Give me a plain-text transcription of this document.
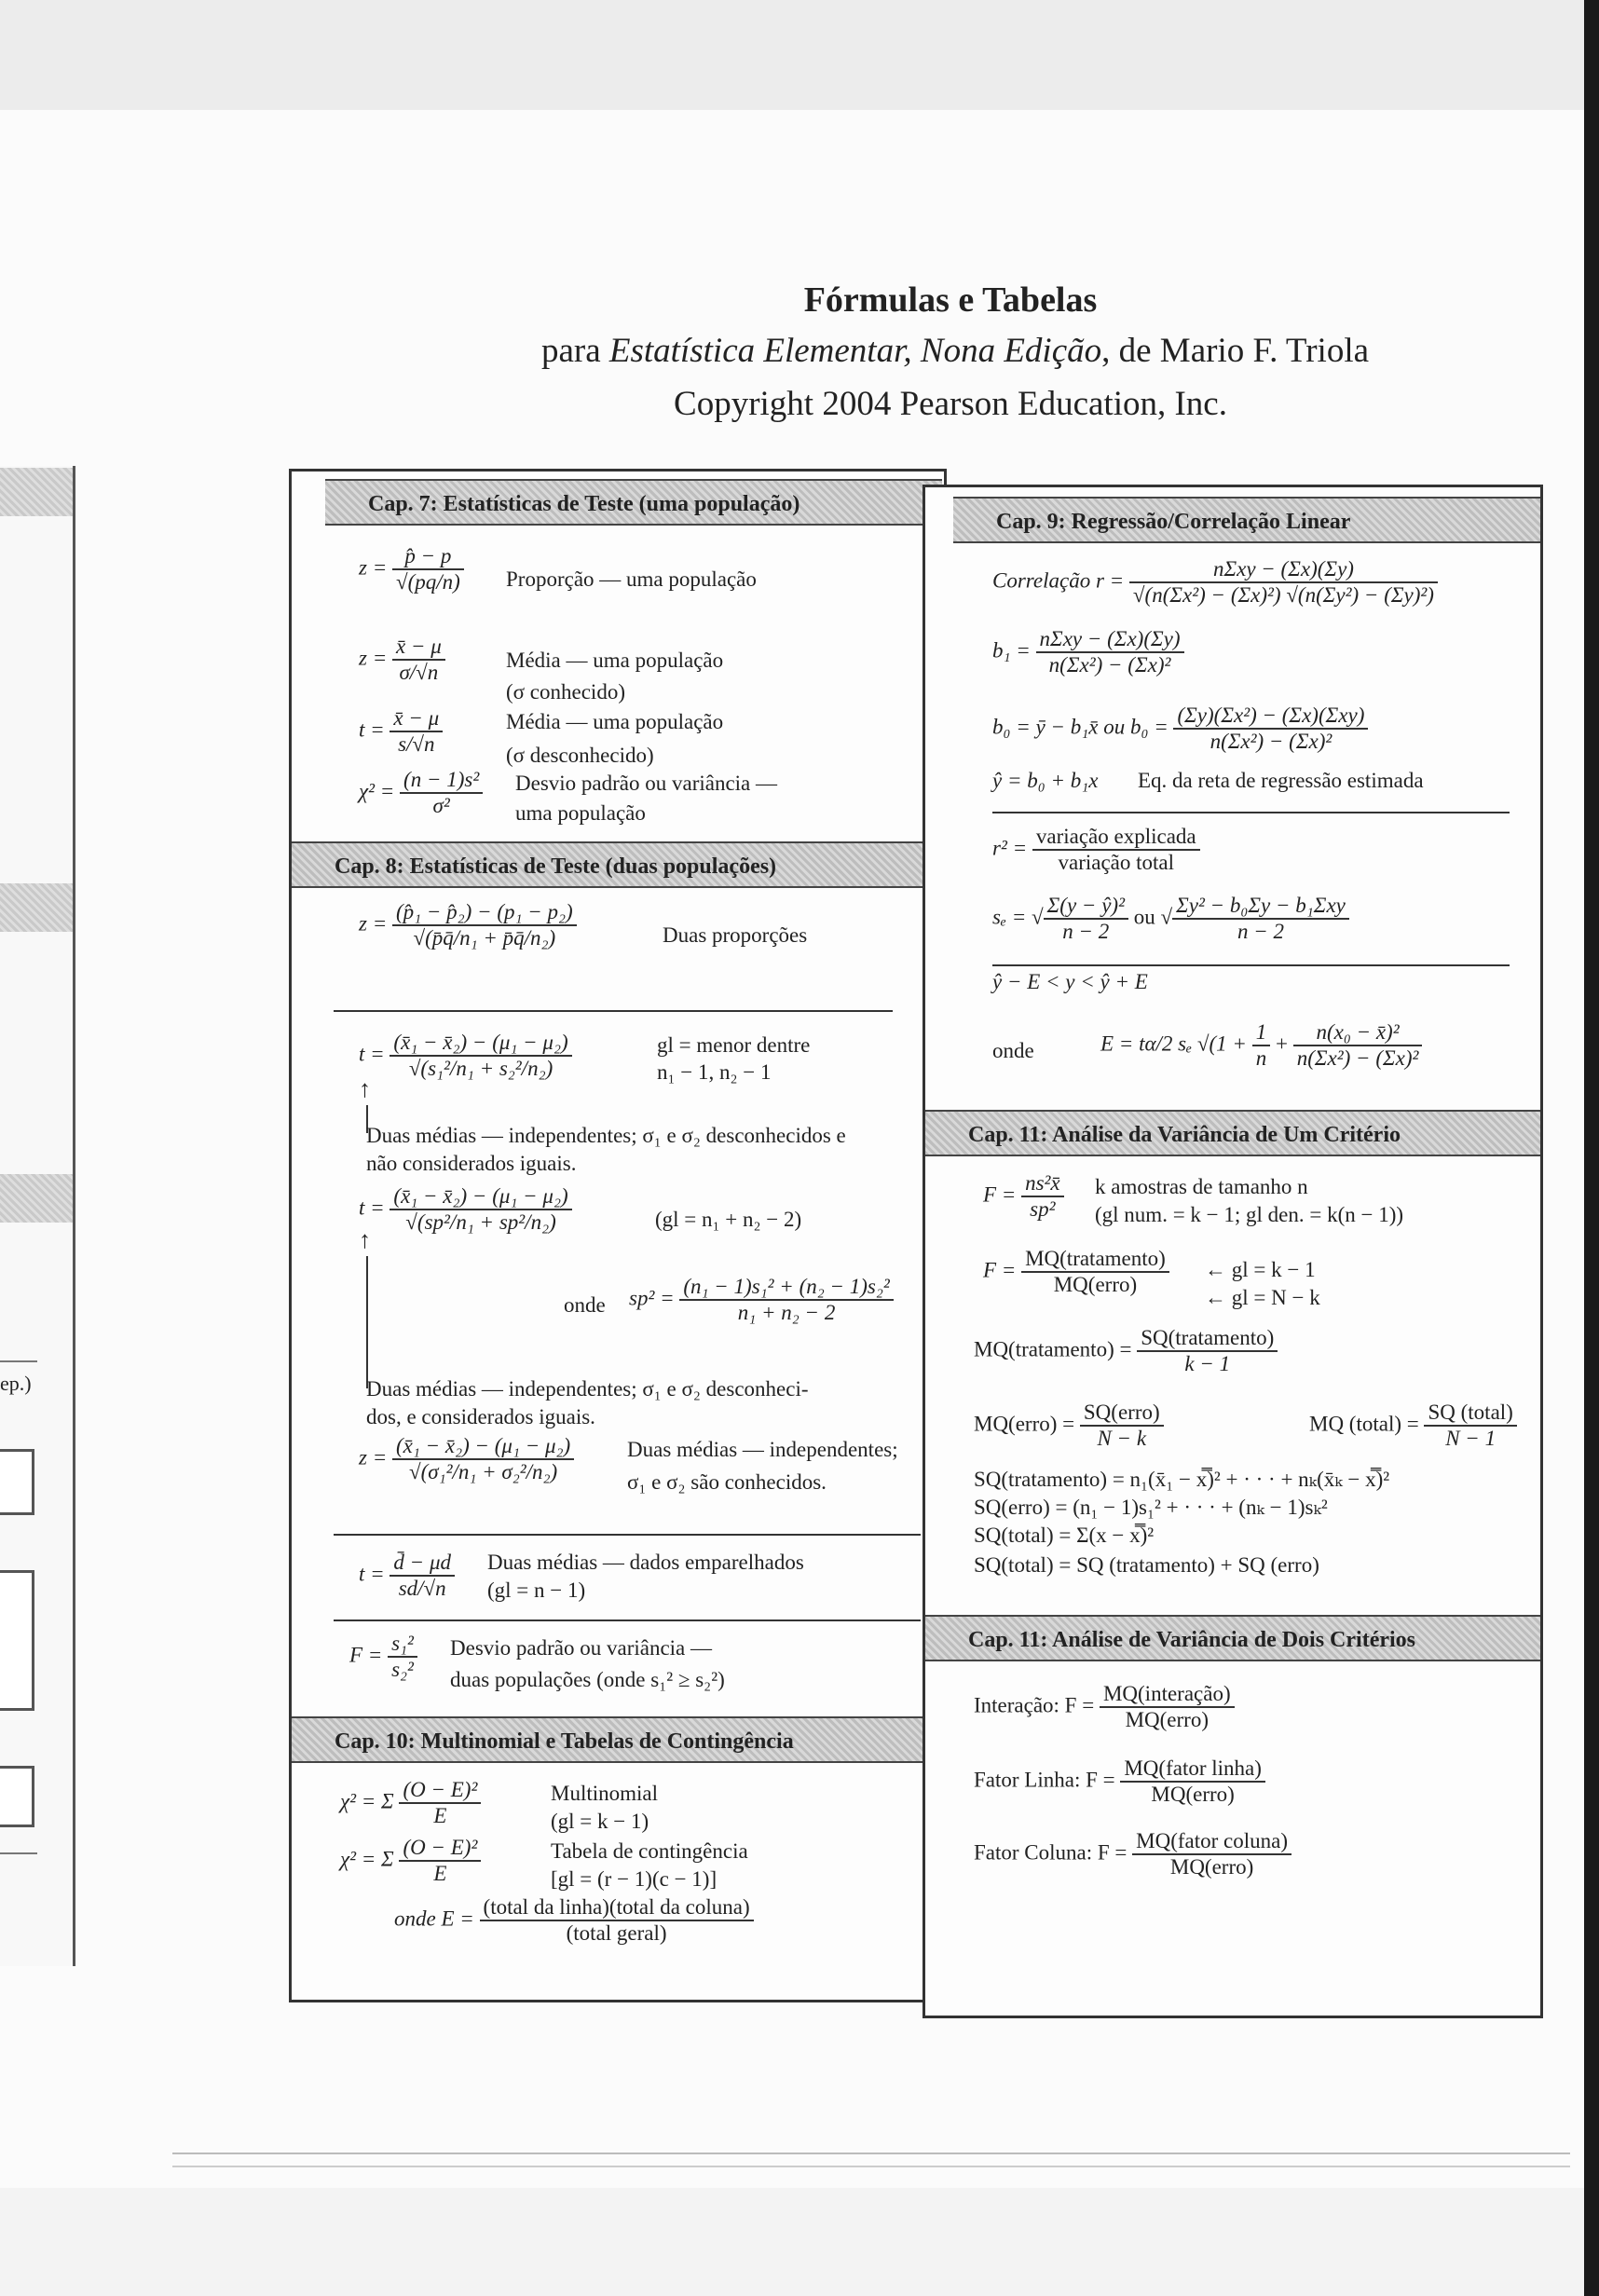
ep.)
Fórmulas e Tabelas
para Estatística Elementar, Nona Edição, de Mario F. Triola
Copyright 2004 Pearson Education, Inc.
Cap. 7: Estatísticas de Teste (uma população)
$z = \frac{p̂ - p}{√(pq/n)}$ Proporção — uma população
$z = \frac{x̄ - \mu}{\sigma/√n}$	Média — uma população
(σ conhecido)
$t = \frac{x̄ - \mu}{s/√n}$	Média — uma população
(σ desconhecido)
$\chi^2 = \frac{\text{(n − 1)s²}}{\text{σ²}}$ Desvio padrão ou variância —
uma população
Cap. 8: Estatísticas de Teste (duas populações)
$z = \frac{\text{(p̂₁ − p̂₂) − (p₁ − p₂)}}{\text{√(p̄q̄/n₁ + p̄q̄/n₂)}}$	Duas proporções
$t = \frac{\text{(x̄₁ − x̄₂) − (μ₁ − μ₂)}}{\text{√(s₁²/n₁ + s₂²/n₂)}}$	gl = menor dentre
n₁ − 1, n₂ − 1
↑
Duas médias — independentes; σ₁ e σ₂ desconhecidos e
não considerados iguais.
$t = \frac{\text{(x̄₁ − x̄₂) − (μ₁ − μ₂)}}{\text{√(sp²/n₁ + sp²/n₂)}}$	(gl = n₁ + n₂ − 2)
↑
onde $sp^2 = \frac{\text{(n₁ − 1)s₁² + (n₂ − 1)s₂²}}{\text{n₁ + n₂ − 2}}$
Duas médias — independentes; σ₁ e σ₂ desconheci-
dos, e considerados iguais.
$z = \frac{\text{(x̄₁ − x̄₂) − (μ₁ − μ₂)}}{\text{√(σ₁²/n₁ + σ₂²/n₂)}}$ Duas médias — independentes;
σ₁ e σ₂ são conhecidos.
$t = \frac{d̄ - \mu d}{sd/√n}$ Duas médias — dados emparelhados
(gl = n − 1)
$F = \frac{\text{s₁²}}{\text{s₂²}}$ Desvio padrão ou variância —
duas populações (onde s₁² ≥ s₂²)
Cap. 10: Multinomial e Tabelas de Contingência
χ² = Σ $\frac{\text{(O − E)²}}{E}$	Multinomial
(gl = k − 1)
χ² = Σ $\frac{\text{(O − E)²}}{E}$	Tabela de contingência
[gl = (r − 1)(c − 1)]
onde $E = \frac{\text{(total da linha)(total da coluna)}}{\text{(total geral)}}$
Cap. 9: Regressão/Correlação Linear
Correlação $r = \frac{\text{nΣxy − (Σx)(Σy)}}{\text{√(n(Σx²) − (Σx)²) √(n(Σy²) − (Σy)²)}}$
$b_1 = \frac{\text{nΣxy − (Σx)(Σy)}}{\text{n(Σx²) − (Σx)²}}$
b₀ = ȳ − b₁x̄ ou $b_0 = \frac{\text{(Σy)(Σx²) − (Σx)(Σxy)}}{\text{n(Σx²) − (Σx)²}}$
ŷ = b₀ + b₁x Eq. da reta de regressão estimada
$r^2 = \frac{\text{variação explicada}}{\text{variação total}}$
sₑ = √ $\frac{\text{Σ(y − ŷ)²}}{n - 2}$ ou √ $\frac{\text{Σy² − b₀Σy − b₁Σxy}}{n - 2}$
ŷ − E < y < ŷ + E
onde	E = tα/2 sₑ $√(1 + \frac{1}{n} + \frac{\text{n(x₀ − x̄)²}}{\text{n(Σx²) − (Σx)²}}$
Cap. 11: Análise da Variância de Um Critério
$F = \frac{\text{ns²x̄}}{\text{sp²}}$ k amostras de tamanho n
(gl num. = k − 1; gl den. = k(n − 1))
$F = \frac{\text{MQ(tratamento)}}{\text{MQ(erro)}}$ ← gl = k − 1
← gl = N − k
MQ(tratamento) = $\frac{\text{SQ(tratamento)}}{k - 1}$
MQ(erro) = $\frac{\text{SQ(erro)}}{N - k}$	MQ (total) = $\frac{\text{SQ (total)}}{N - 1}$
SQ(tratamento) = n₁(x̄₁ − x̿)² + · · · + nₖ(x̄ₖ − x̿)²
SQ(erro) = (n₁ − 1)s₁² + · · · + (nₖ − 1)sₖ²
SQ(total) = Σ(x − x̿)²
SQ(total) = SQ (tratamento) + SQ (erro)
Cap. 11: Análise de Variância de Dois Critérios
Interação: $F = \frac{\text{MQ(interação)}}{\text{MQ(erro)}}$
Fator Linha: $F = \frac{\text{MQ(fator linha)}}{\text{MQ(erro)}}$
Fator Coluna: $F = \frac{\text{MQ(fator coluna)}}{\text{MQ(erro)}}$
